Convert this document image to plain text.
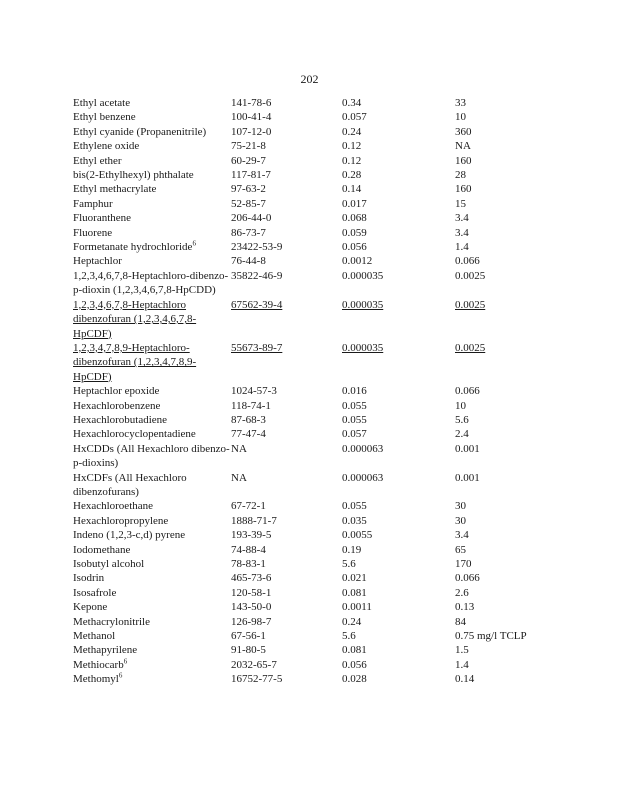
202
Ethyl acetate	141-78-6	0.34	33
Ethyl benzene	100-41-4	0.057	10
Ethyl cyanide (Propanenitrile)	107-12-0	0.24	360
Ethylene oxide	75-21-8	0.12	NA
Ethyl ether	60-29-7	0.12	160
bis(2-Ethylhexyl) phthalate	117-81-7	0.28	28
Ethyl methacrylate	97-63-2	0.14	160
Famphur	52-85-7	0.017	15
Fluoranthene	206-44-0	0.068	3.4
Fluorene	86-73-7	0.059	3.4
Formetanate hydrochloride$^6$	23422-53-9	0.056	1.4
Heptachlor	76-44-8	0.0012	0.066
1,2,3,4,6,7,8-Heptachloro-dibenzo-p-dioxin (1,2,3,4,6,7,8-HpCDD)	35822-46-9	0.000035	0.0025
1,2,3,4,6,7,8-Heptachloro dibenzofuran (1,2,3,4,6,7,8-HpCDF)	67562-39-4	0.000035	0.0025
1,2,3,4,7,8,9-Heptachloro-dibenzofuran (1,2,3,4,7,8,9-HpCDF)	55673-89-7	0.000035	0.0025
Heptachlor epoxide	1024-57-3	0.016	0.066
Hexachlorobenzene	118-74-1	0.055	10
Hexachlorobutadiene	87-68-3	0.055	5.6
Hexachlorocyclopentadiene	77-47-4	0.057	2.4
HxCDDs (All Hexachloro dibenzo-p-dioxins)	NA	0.000063	0.001
HxCDFs (All Hexachloro dibenzofurans)	NA	0.000063	0.001
Hexachloroethane	67-72-1	0.055	30
Hexachloropropylene	1888-71-7	0.035	30
Indeno (1,2,3-c,d) pyrene	193-39-5	0.0055	3.4
Iodomethane	74-88-4	0.19	65
Isobutyl alcohol	78-83-1	5.6	170
Isodrin	465-73-6	0.021	0.066
Isosafrole	120-58-1	0.081	2.6
Kepone	143-50-0	0.0011	0.13
Methacrylonitrile	126-98-7	0.24	84
Methanol	67-56-1	5.6	0.75 mg/l TCLP
Methapyrilene	91-80-5	0.081	1.5
Methiocarb$^6$	2032-65-7	0.056	1.4
Methomyl$^6$	16752-77-5	0.028	0.14
